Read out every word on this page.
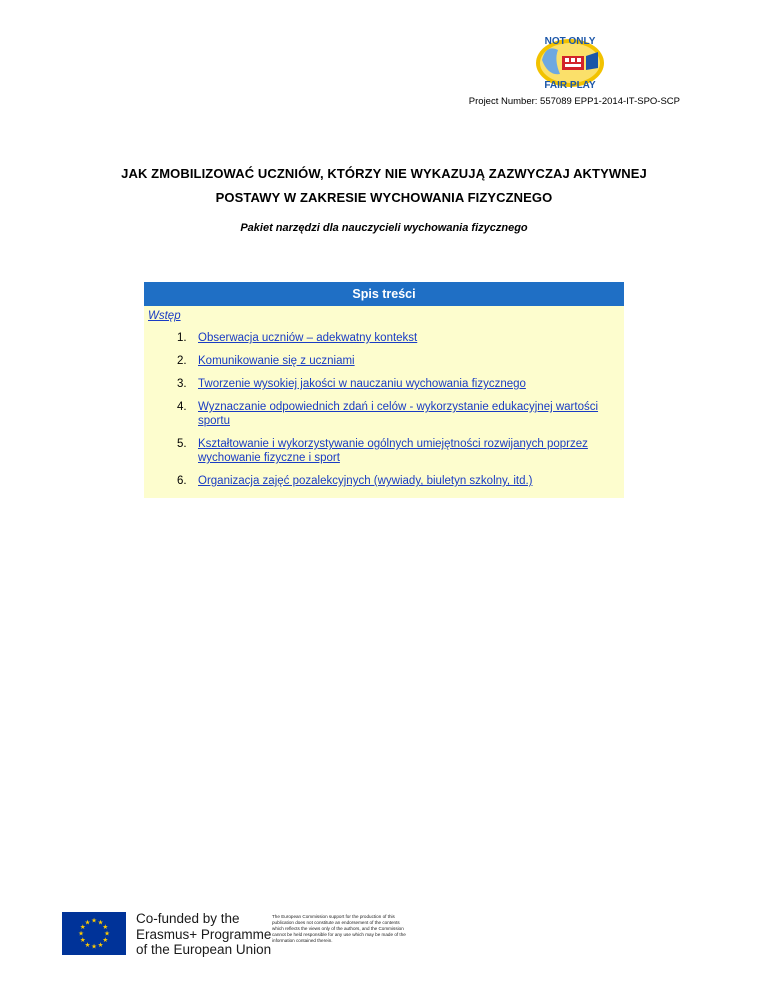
NOT ONLY
FAIR PLAY
Project Number: 557089 EPP1-2014-IT-SPO-SCP
JAK ZMOBILIZOWAĆ UCZNIÓW, KTÓRZY NIE WYKAZUJĄ ZAZWYCZAJ AKTYWNEJ
POSTAWY W ZAKRESIE WYCHOWANIA FIZYCZNEGO
Pakiet narzędzi dla nauczycieli wychowania fizycznego
Spis treści
Wstęp
1. Obserwacja uczniów – adekwatny kontekst
2. Komunikowanie się z uczniami
3. Tworzenie wysokiej jakości w nauczaniu wychowania fizycznego
4. Wyznaczanie odpowiednich zdań i celów - wykorzystanie edukacyjnej wartości sportu
5. Kształtowanie i wykorzystywanie ogólnych umiejętności rozwijanych poprzez wychowanie fizyczne i sport
6. Organizacja zajęć pozalekcyjnych (wywiady, biuletyn szkolny, itd.)
★ ★
★
★
★
★
★
★
★
★
★
★	Co-funded by the
Erasmus+ Programme
of the European Union
The European Commission support for the production of this publication does not constitute an endorsement of the contents which reflects the views only of the authors, and the Commission cannot be held responsible for any use which may be made of the information contained therein.
